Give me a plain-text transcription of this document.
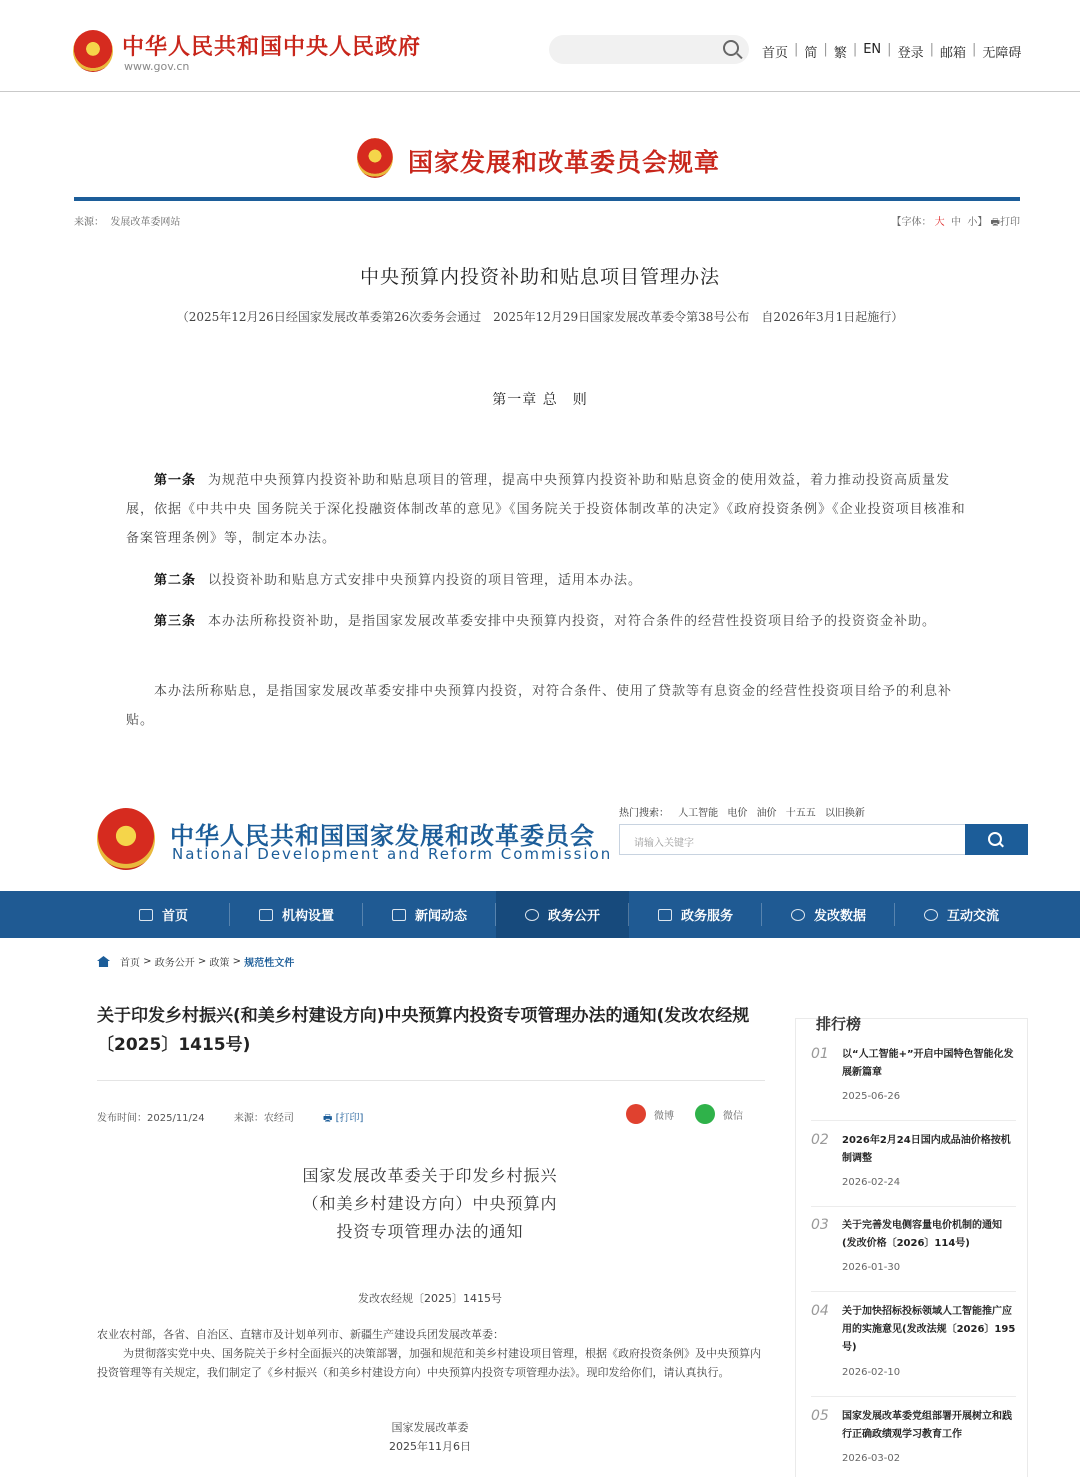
中华人民共和国中央人民政府
www.gov.cn
首页 | 简 | 繁 | EN | 登录 | 邮箱 | 无障碍
国家发展和改革委员会规章
来源： 发展改革委网站	【字体： 大 中 小】 🖶打印
中央预算内投资补助和贴息项目管理办法
（2025年12月26日经国家发展改革委第26次委务会通过　2025年12月29日国家发展改革委令第38号公布　自2026年3月1日起施行）
第一章 总　则
第一条 为规范中央预算内投资补助和贴息项目的管理，提高中央预算内投资补助和贴息资金的使用效益，着力推动投资高质量发展，依据《中共中央 国务院关于深化投融资体制改革的意见》《国务院关于投资体制改革的决定》《政府投资条例》《企业投资项目核准和备案管理条例》等，制定本办法。
第二条 以投资补助和贴息方式安排中央预算内投资的项目管理，适用本办法。
第三条 本办法所称投资补助，是指国家发展改革委安排中央预算内投资，对符合条件的经营性投资项目给予的投资资金补助。
本办法所称贴息，是指国家发展改革委安排中央预算内投资，对符合条件、使用了贷款等有息资金的经营性投资项目给予的利息补贴。
中华人民共和国国家发展和改革委员会
National Development and Reform Commission
热门搜索： 人工智能 电价 油价 十五五 以旧换新
请输入关键字
首页	机构设置	新闻动态	政务公开	政务服务	发改数据	互动交流
首页 > 政务公开 > 政策 > 规范性文件
关于印发乡村振兴(和美乡村建设方向)中央预算内投资专项管理办法的通知(发改农经规〔2025〕1415号)
发布时间：2025/11/24	来源：农经司	🖶 [打印]	微博	微信
国家发展改革委关于印发乡村振兴
（和美乡村建设方向）中央预算内
投资专项管理办法的通知
发改农经规〔2025〕1415号
农业农村部，各省、自治区、直辖市及计划单列市、新疆生产建设兵团发展改革委：
为贯彻落实党中央、国务院关于乡村全面振兴的决策部署，加强和规范和美乡村建设项目管理，根据《政府投资条例》及中央预算内投资管理等有关规定，我们制定了《乡村振兴（和美乡村建设方向）中央预算内投资专项管理办法》。现印发给你们，请认真执行。
国家发展改革委
2025年11月6日
排行榜
01 以“人工智能+”开启中国特色智能化发展新篇章
2025-06-26
02 2026年2月24日国内成品油价格按机制调整
2026-02-24
03 关于完善发电侧容量电价机制的通知(发改价格〔2026〕114号)
2026-01-30
04 关于加快招标投标领域人工智能推广应用的实施意见(发改法规〔2026〕195号)
2026-02-10
05 国家发展改革委党组部署开展树立和践行正确政绩观学习教育工作
2026-03-02
